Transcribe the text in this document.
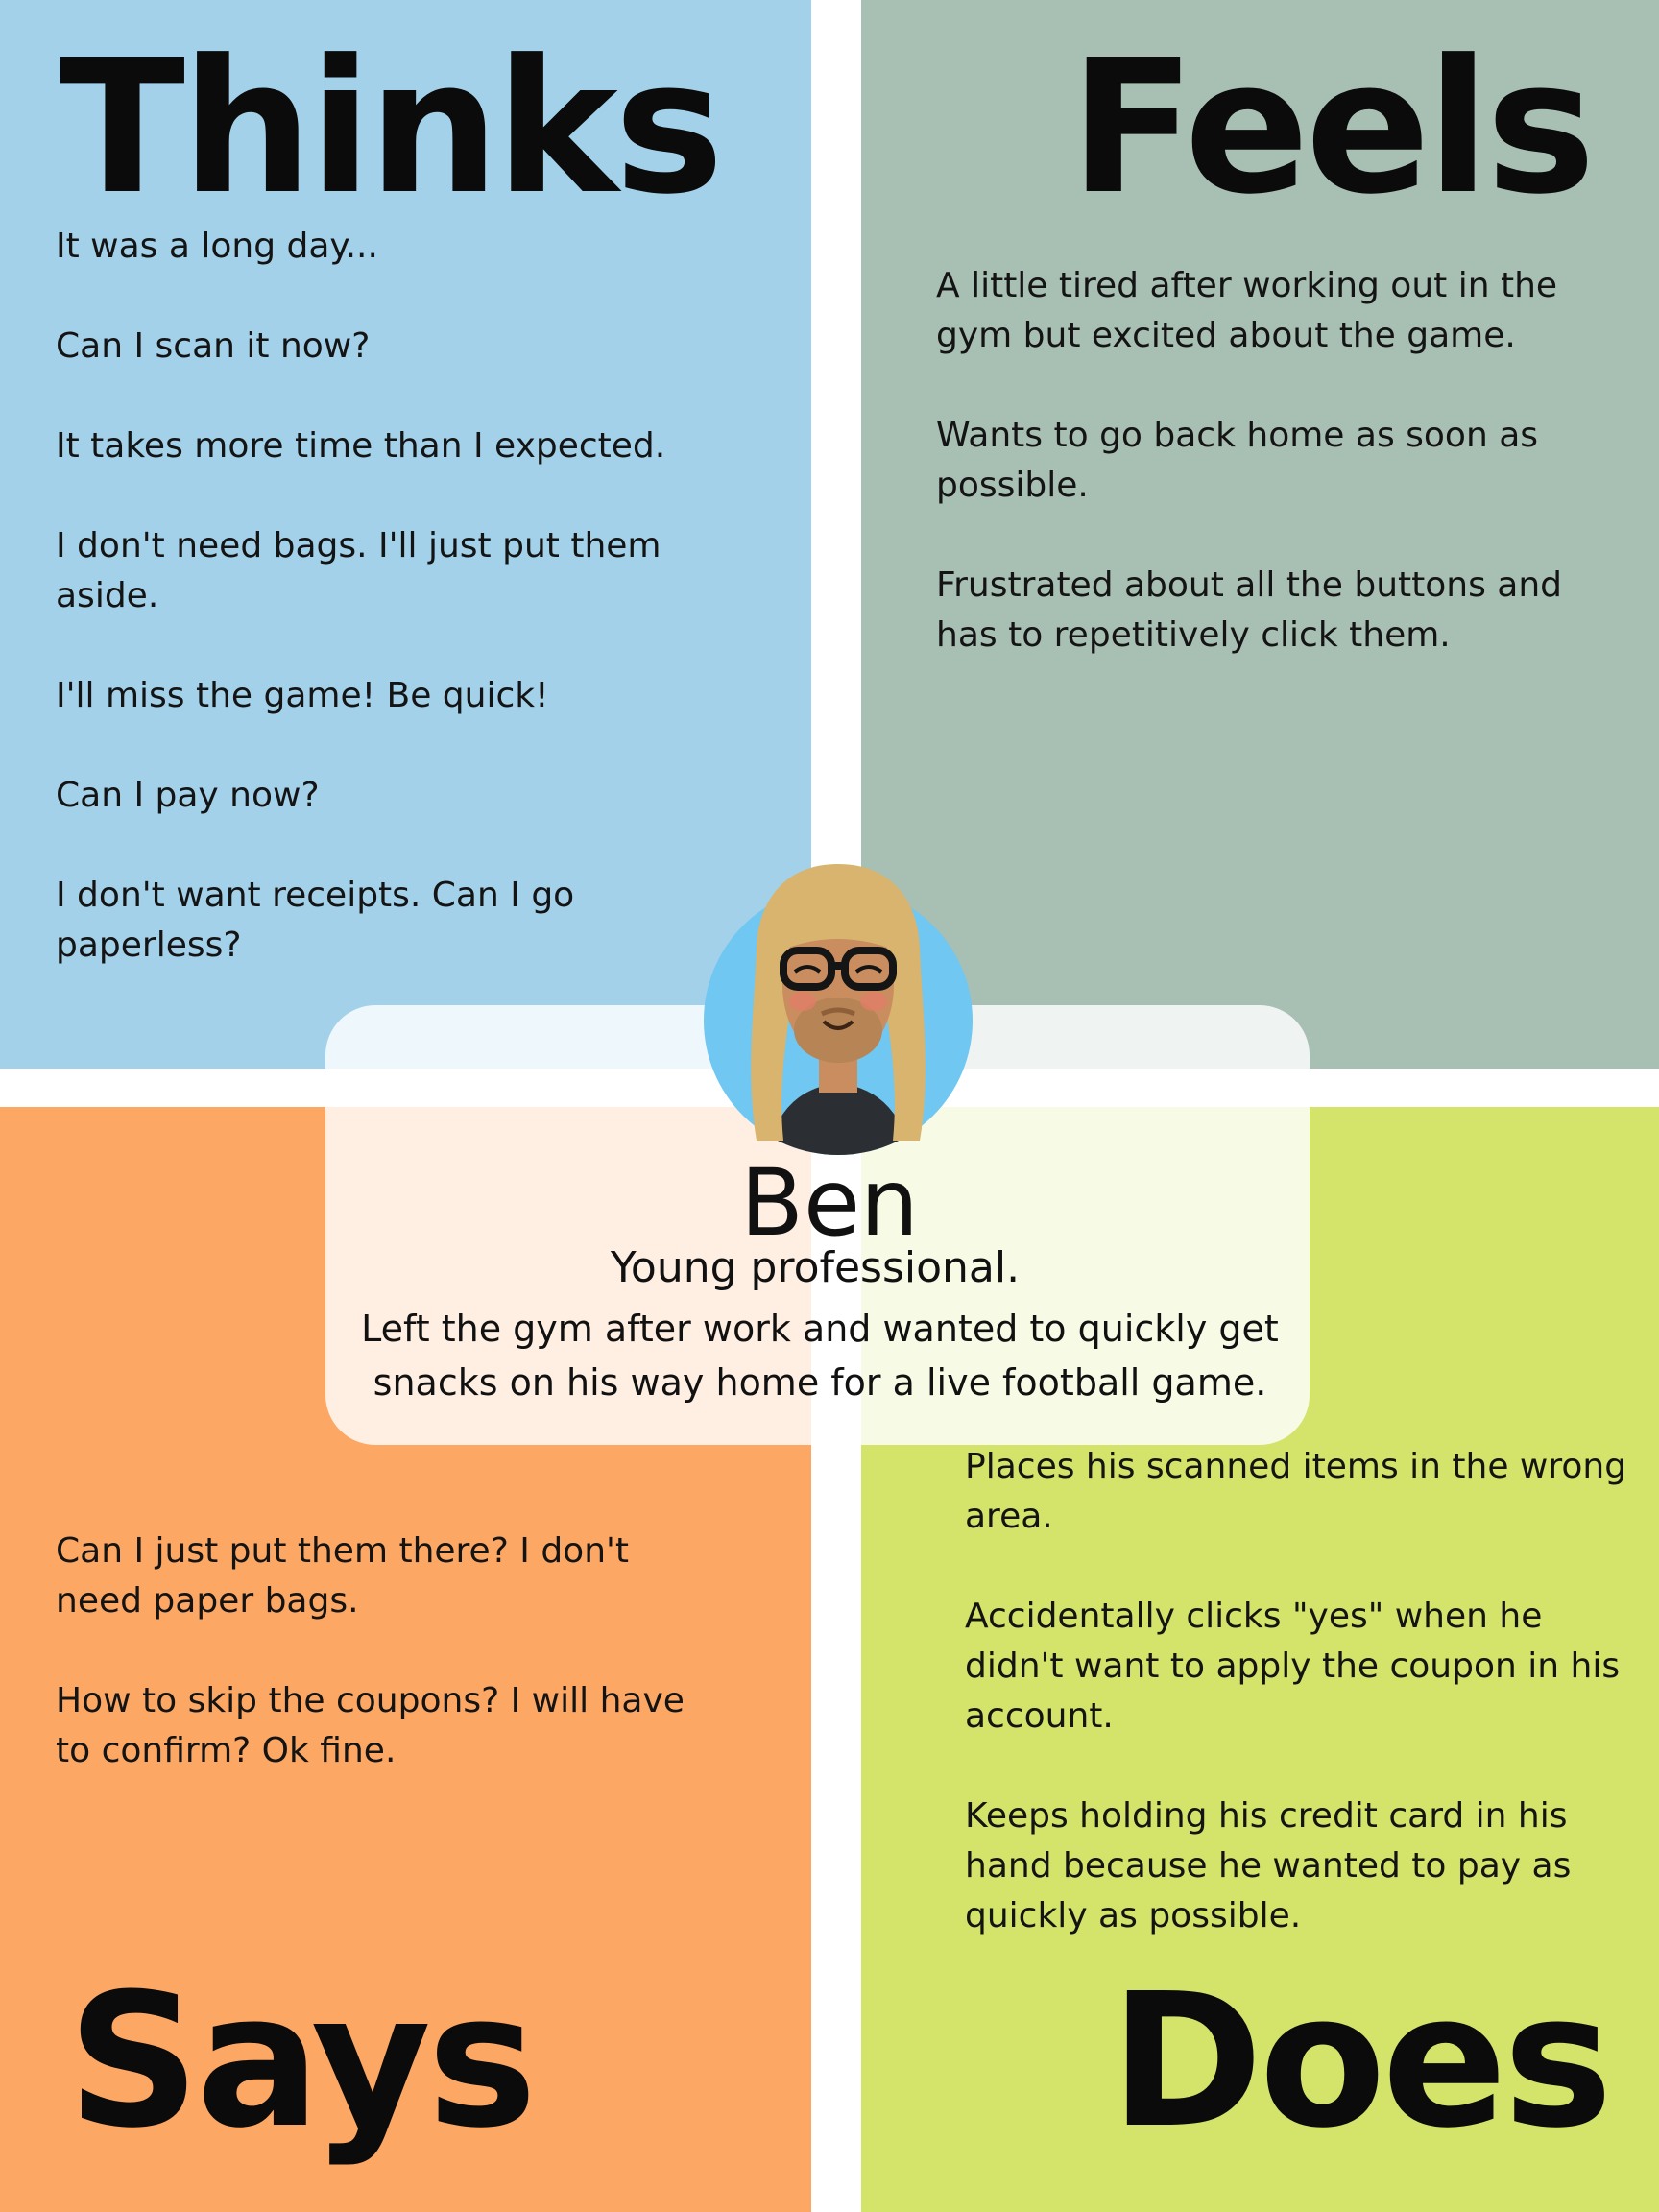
Thinks Feels
Says	Does
It was a long day...
Can I scan it now?
It takes more time than I expected.
I don't need bags. I'll just put them aside.
I'll miss the game! Be quick!
Can I pay now?
I don't want receipts. Can I go paperless?
A little tired after working out in the gym but excited about the game.
Wants to go back home as soon as possible.
Frustrated about all the buttons and has to repetitively click them.
Can I just put them there? I don't need paper bags.
How to skip the coupons? I will have to confirm? Ok fine.
Places his scanned items in the wrong area.
Accidentally clicks "yes" when he didn't want to apply the coupon in his account.
Keeps holding his credit card in his hand because he wanted to pay as quickly as possible.
Ben

Young professional.

Left the gym after work and wanted to quickly get
snacks on his way home for a live football game.
